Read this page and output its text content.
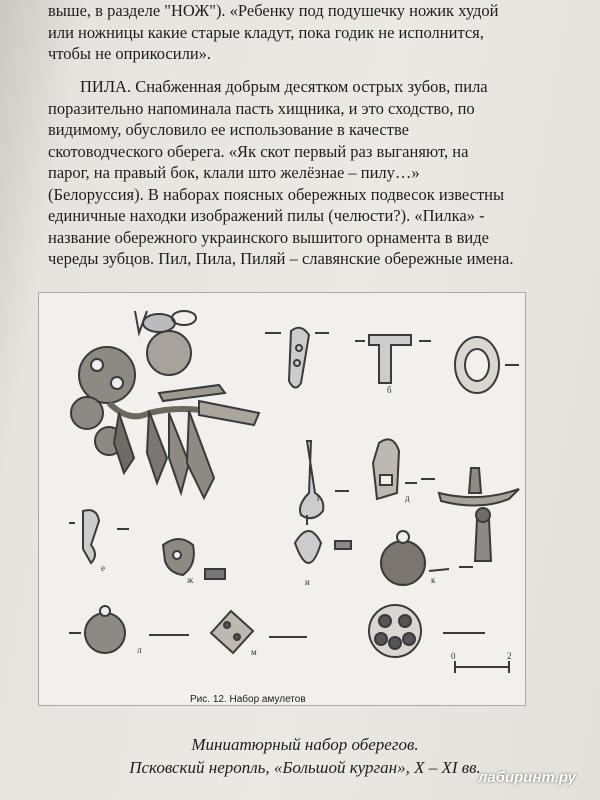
выше, в разделе "НОЖ"). «Ребенку под подушечку ножик худой
или ножницы какие старые кладут, пока годик не исполнится,
чтобы не оприкосили».
ПИЛА. Снабженная добрым десятком острых зубов, пила
поразительно напоминала пасть хищника, и это сходство, по
видимому, обусловило ее использование в качестве
скотоводческого оберега. «Як скот первый раз выганяют, на
парог, на правый бок, клали што желёзнае – пилу…»
(Белоруссия). В наборах поясных обережных подвесок известны
единичные находки изображений пилы (челюсти?). «Пилка» -
название обережного украинского вышитого орнамента в виде
череды зубцов. Пил, Пила, Пиляй – славянские обережные имена.
0	2
б
г	д
е
ж	и	к
л	м
Рис. 12. Набор амулетов
Миниатюрный набор оберегов.
Псковский неропль, «Большой курган», X – XI вв.
лабиринт.ру
